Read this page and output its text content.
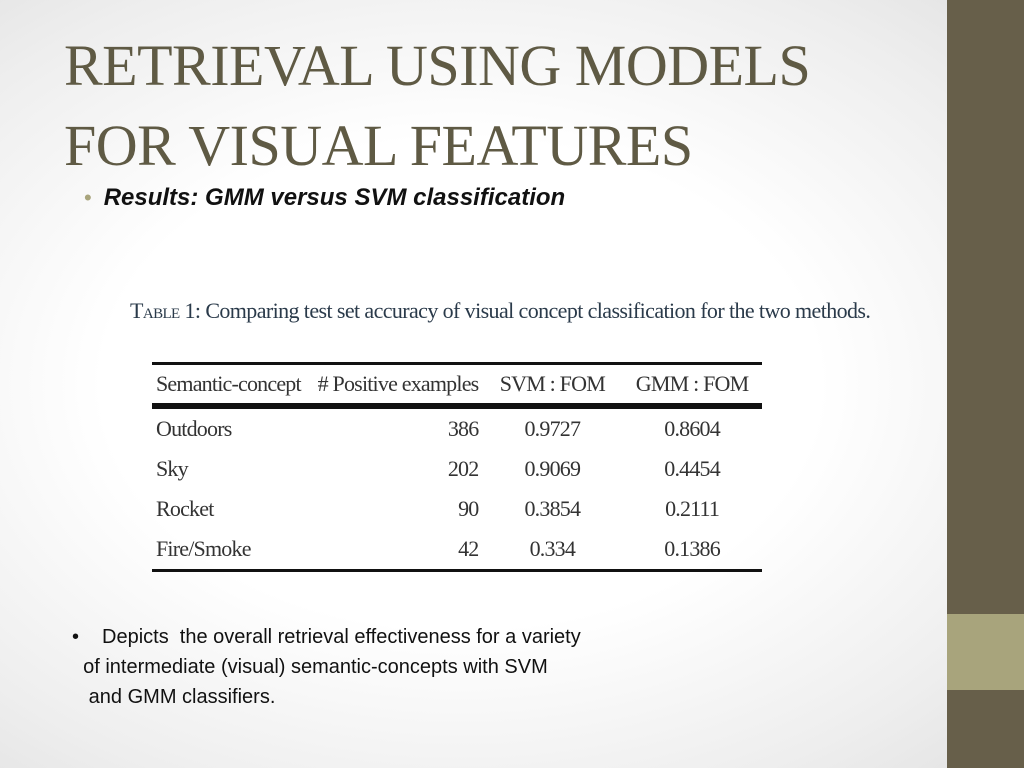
RETRIEVAL USING MODELS
FOR VISUAL FEATURES
• Results: GMM versus SVM classification
Table 1: Comparing test set accuracy of visual concept classification for the two methods.
Semantic-concept	# Positive examples	SVM : FOM	GMM : FOM
Outdoors	386	0.9727	0.8604
Sky	202	0.9069	0.4454
Rocket	90	0.3854	0.2111
Fire/Smoke	42	0.334	0.1386
• Depicts  the overall retrieval effectiveness for a variety
of intermediate (visual) semantic-concepts with SVM
and GMM classifiers.
